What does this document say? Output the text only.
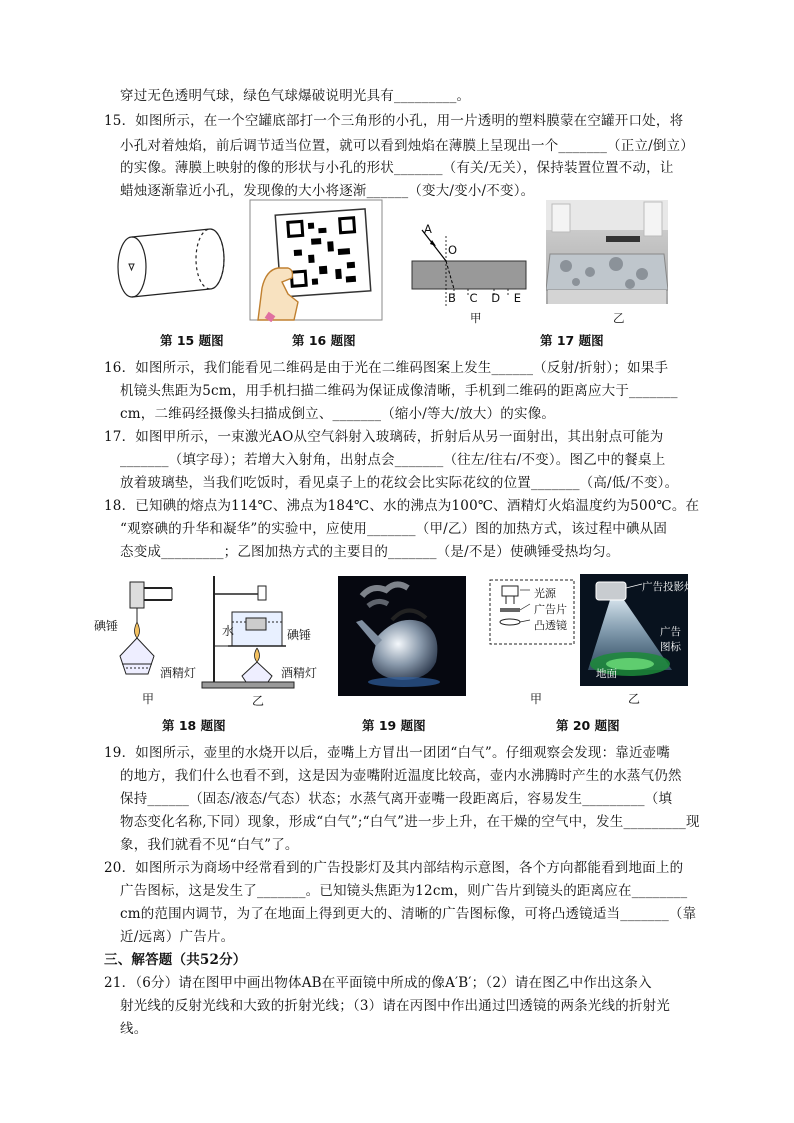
穿过无色透明气球，绿色气球爆破说明光具有_________。
15．如图所示，在一个空罐底部打一个三角形的小孔，用一片透明的塑料膜蒙在空罐开口处，将
小孔对着烛焰，前后调节适当位置，就可以看到烛焰在薄膜上呈现出一个_______（正立/倒立）
的实像。薄膜上映射的像的形状与小孔的形状_______（有关/无关），保持装置位置不动，让
蜡烛逐渐靠近小孔，发现像的大小将逐渐______（变大/变小/不变）。
A
O
B C D E
甲	乙
第 15 题图	第 16 题图	第 17 题图
16．如图所示，我们能看见二维码是由于光在二维码图案上发生______（反射/折射）；如果手
机镜头焦距为5cm，用手机扫描二维码为保证成像清晰，手机到二维码的距离应大于_______
cm，二维码经摄像头扫描成倒立、_______（缩小/等大/放大）的实像。
17．如图甲所示，一束激光AO从空气斜射入玻璃砖，折射后从另一面射出，其出射点可能为
_______（填字母）；若增大入射角，出射点会_______（往左/往右/不变）。图乙中的餐桌上
放着玻璃垫，当我们吃饭时，看见桌子上的花纹会比实际花纹的位置_______（高/低/不变）。
18．已知碘的熔点为114℃、沸点为184℃、水的沸点为100℃、酒精灯火焰温度约为500℃。在
“观察碘的升华和凝华”的实验中，应使用_______（甲/乙）图的加热方式，该过程中碘从固
态变成_________；乙图加热方式的主要目的_______（是/不是）使碘锤受热均匀。
碘锤
酒精灯
甲
水	碘锤
酒精灯
乙
光源
广告片
凸透镜
甲
广告投影灯
广告
图标
地面
乙
第 18 题图	第 19 题图	第 20 题图
19．如图所示，壶里的水烧开以后，壶嘴上方冒出一团团“白气”。仔细观察会发现：靠近壶嘴
的地方，我们什么也看不到，这是因为壶嘴附近温度比较高，壶内水沸腾时产生的水蒸气仍然
保持______（固态/液态/气态）状态；水蒸气离开壶嘴一段距离后，容易发生_________（填
物态变化名称,下同）现象，形成“白气”;“白气”进一步上升，在干燥的空气中，发生_________现
象，我们就看不见“白气”了。
20．如图所示为商场中经常看到的广告投影灯及其内部结构示意图，各个方向都能看到地面上的
广告图标，这是发生了_______。已知镜头焦距为12cm，则广告片到镜头的距离应在________
cm的范围内调节，为了在地面上得到更大的、清晰的广告图标像，可将凸透镜适当_______（靠
近/远离）广告片。
三、解答题（共52分）
21．（6分）请在图甲中画出物体AB在平面镜中所成的像A′B′；（2）请在图乙中作出这条入
射光线的反射光线和大致的折射光线；（3）请在丙图中作出通过凹透镜的两条光线的折射光
线。
